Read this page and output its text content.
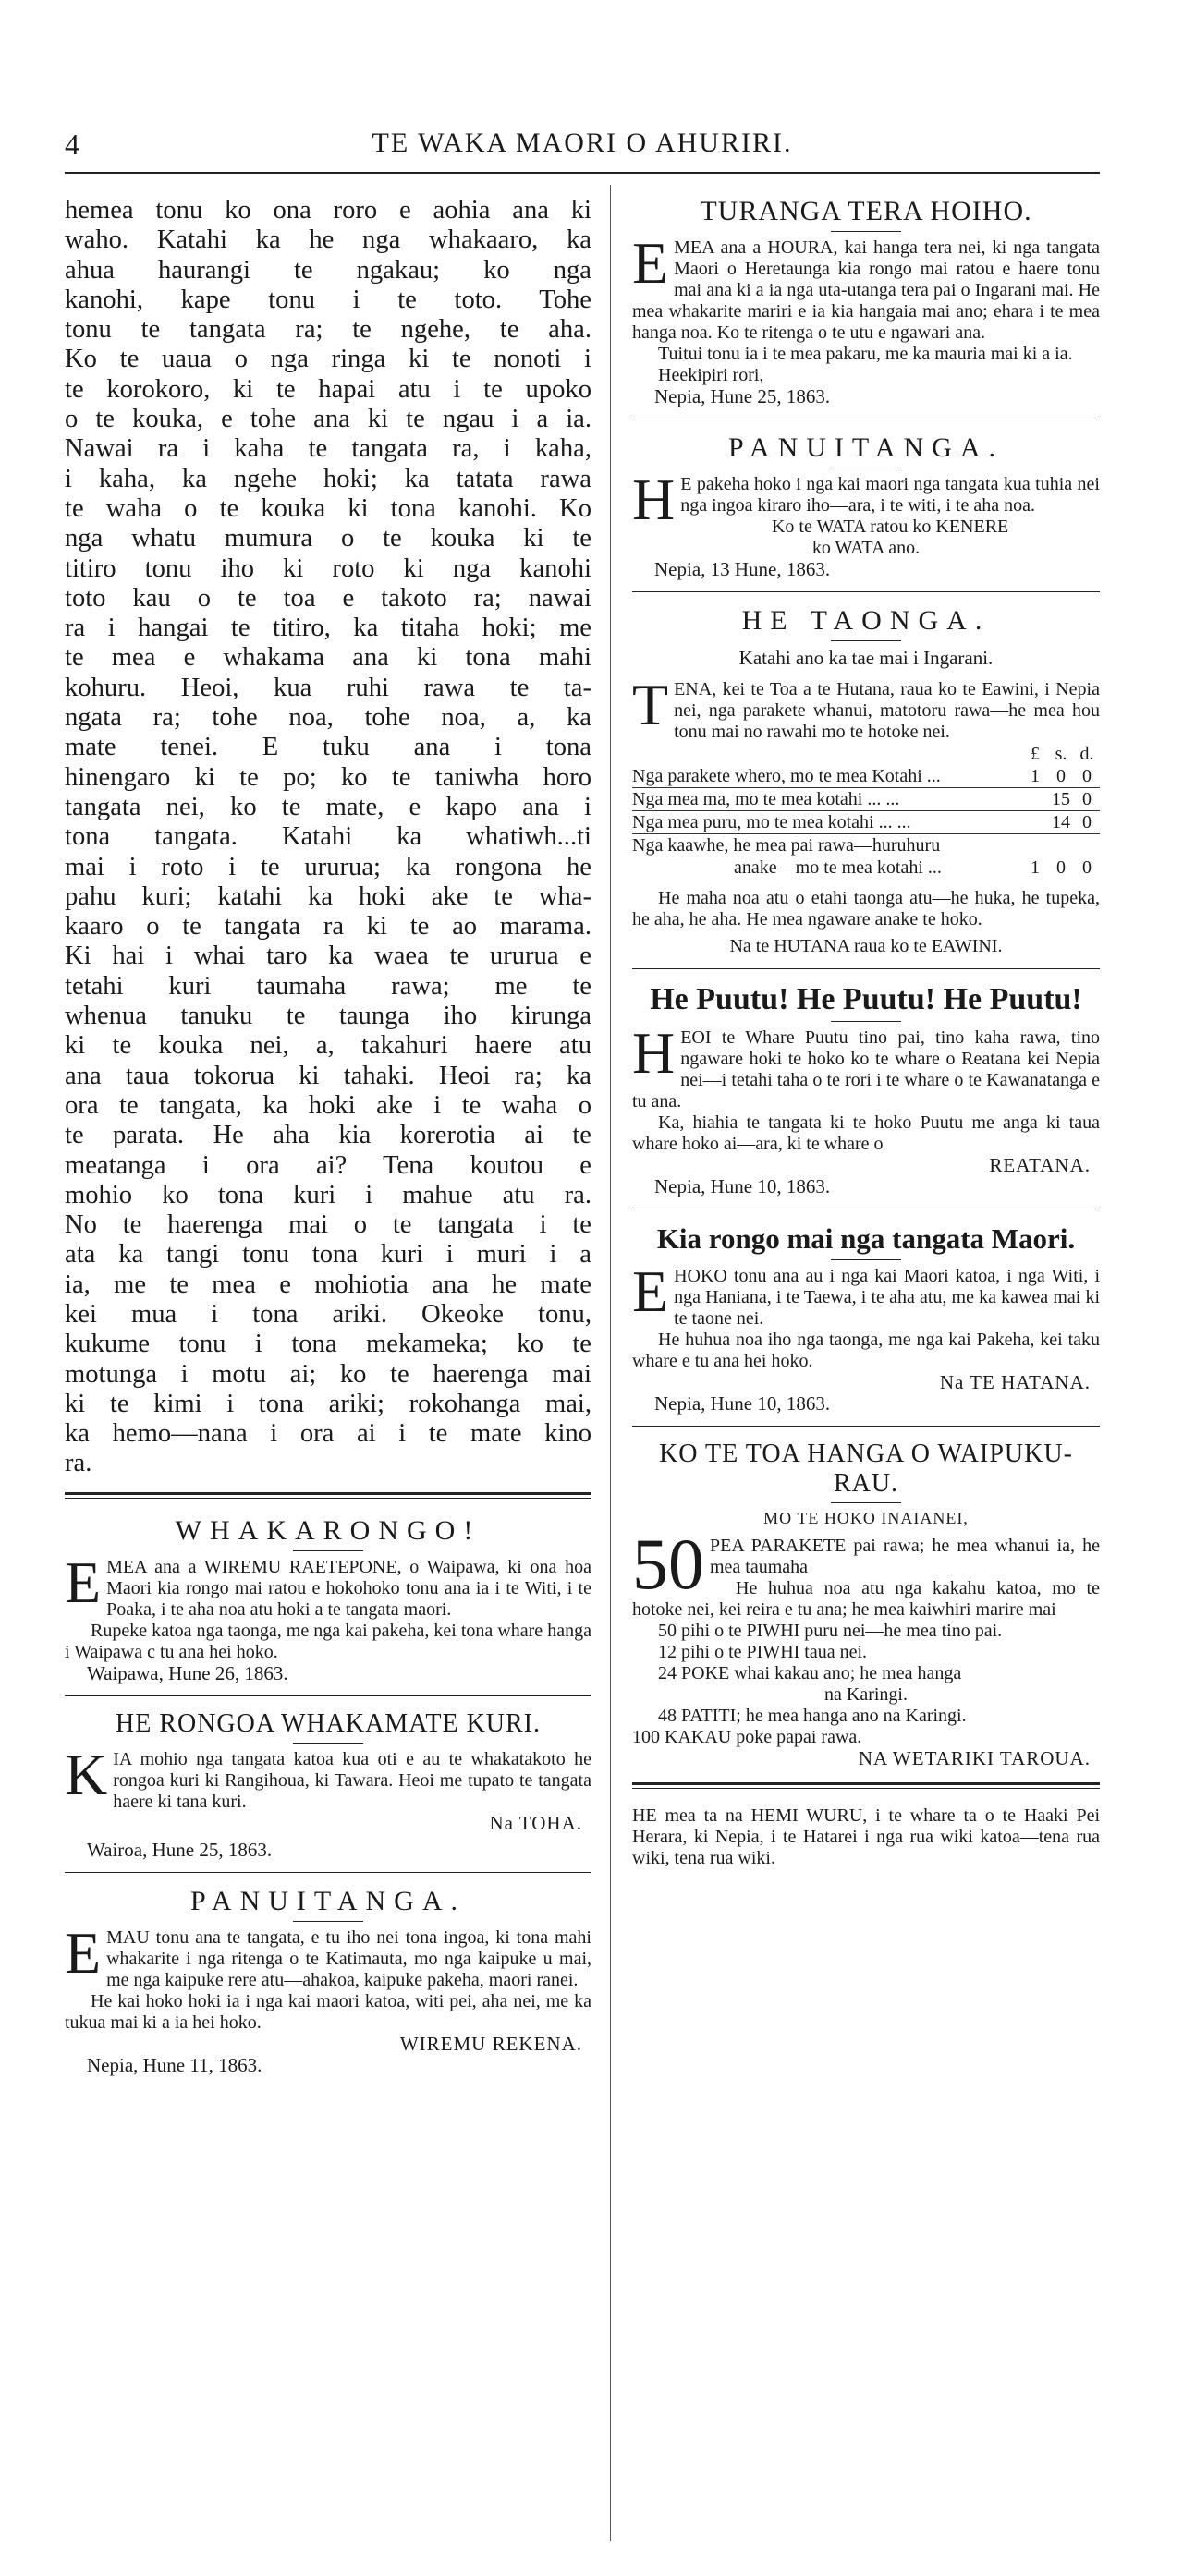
4	TE WAKA MAORI O AHURIRI.
hemea tonu ko ona roro e aohia ana ki
waho. Katahi ka he nga whakaaro, ka
ahua haurangi te ngakau; ko nga
kanohi, kape tonu i te toto. Tohe
tonu te tangata ra; te ngehe, te aha.
Ko te uaua o nga ringa ki te nonoti i
te korokoro, ki te hapai atu i te upoko
o te kouka, e tohe ana ki te ngau i a ia.
Nawai ra i kaha te tangata ra, i kaha,
i kaha, ka ngehe hoki; ka tatata rawa
te waha o te kouka ki tona kanohi. Ko
nga whatu mumura o te kouka ki te
titiro tonu iho ki roto ki nga kanohi
toto kau o te toa e takoto ra; nawai
ra i hangai te titiro, ka titaha hoki; me
te mea e whakama ana ki tona mahi
kohuru. Heoi, kua ruhi rawa te ta-
ngata ra; tohe noa, tohe noa, a, ka
mate tenei. E tuku ana i tona
hinengaro ki te po; ko te taniwha horo
tangata nei, ko te mate, e kapo ana i
tona tangata. Katahi ka whatiwh...ti
mai i roto i te ururua; ka rongona he
pahu kuri; katahi ka hoki ake te wha-
kaaro o te tangata ra ki te ao marama.
Ki hai i whai taro ka waea te ururua e
tetahi kuri taumaha rawa; me te
whenua tanuku te taunga iho kirunga
ki te kouka nei, a, takahuri haere atu
ana taua tokorua ki tahaki. Heoi ra; ka
ora te tangata, ka hoki ake i te waha o
te parata. He aha kia korerotia ai te
meatanga i ora ai? Tena koutou e
mohio ko tona kuri i mahue atu ra.
No te haerenga mai o te tangata i te
ata ka tangi tonu tona kuri i muri i a
ia, me te mea e mohiotia ana he mate
kei mua i tona ariki. Okeoke tonu,
kukume tonu i tona mekameka; ko te
motunga i motu ai; ko te haerenga mai
ki te kimi i tona ariki; rokohanga mai,
ka hemo—nana i ora ai i te mate kino
ra.

WHAKARONGO!

EMEA ana a WIREMU RAETEPONE, o Waipawa, ki ona hoa Maori kia rongo mai ratou e hokohoko tonu ana ia i te Witi, i te Poaka, i te aha noa atu hoki a te tangata maori.

Rupeke katoa nga taonga, me nga kai pakeha, kei tona whare hanga i Waipawa c tu ana hei hoko.

Waipawa, Hune 26, 1863.

HE RONGOA WHAKAMATE KURI.

KIA mohio nga tangata katoa kua oti e au te whakatakoto he rongoa kuri ki Rangihoua, ki Tawara. Heoi me tupato te tangata haere ki tana kuri.

Na TOHA.

Wairoa, Hune 25, 1863.

PANUITANGA.

EMAU tonu ana te tangata, e tu iho nei tona ingoa, ki tona mahi whakarite i nga ritenga o te Katimauta, mo nga kaipuke u mai, me nga kaipuke rere atu—ahakoa, kaipuke pakeha, maori ranei.

He kai hoko hoki ia i nga kai maori katoa, witi pei, aha nei, me ka tukua mai ki a ia hei hoko.

WIREMU REKENA.

Nepia, Hune 11, 1863.

TURANGA TERA HOIHO.

EMEA ana a HOURA, kai hanga tera nei, ki nga tangata Maori o Heretaunga kia rongo mai ratou e haere tonu mai ana ki a ia nga uta-utanga tera pai o Ingarani mai. He mea whakarite mariri e ia kia hangaia mai ano; ehara i te mea hanga noa. Ko te ritenga o te utu e ngawari ana.

Tuitui tonu ia i te mea pakaru, me ka mauria mai ki a ia.

Heekipiri rori,

Nepia, Hune 25, 1863.

PANUITANGA.

H E pakeha hoko i nga kai maori nga tangata kua tuhia nei nga ingoa kiraro iho—ara, i te witi, i te aha noa.

Ko te WATA ratou ko KENERE

ko WATA ano.

Nepia, 13 Hune, 1863.

HE TAONGA.

Katahi ano ka tae mai i Ingarani.

TENA, kei te Toa a te Hutana, raua ko te Eawini, i Nepia nei, nga parakete whanui, matotoru rawa—he mea hou tonu mai no rawahi mo te hotoke nei.

	£	s.	d.
Nga parakete whero, mo te mea Kotahi ...	1	0	0
Nga mea ma, mo te mea kotahi ... ...		15	0
Nga mea puru, mo te mea kotahi ... ...		14	0
Nga kaawhe, he mea pai rawa—huruhuru			
anake—mo te mea kotahi ...	1	0	0

He maha noa atu o etahi taonga atu—he huka, he tupeka, he aha, he aha. He mea ngaware anake te hoko.

Na te HUTANA raua ko te EAWINI.

He Puutu! He Puutu! He Puutu!

HEOI te Whare Puutu tino pai, tino kaha rawa, tino ngaware hoki te hoko ko te whare o Reatana kei Nepia nei—i tetahi taha o te rori i te whare o te Kawanatanga e tu ana.

Ka, hiahia te tangata ki te hoko Puutu me anga ki taua whare hoko ai—ara, ki te whare o

REATANA.

Nepia, Hune 10, 1863.

Kia rongo mai nga tangata Maori.

EHOKO tonu ana au i nga kai Maori katoa, i nga Witi, i nga Haniana, i te Taewa, i te aha atu, me ka kawea mai ki te taone nei.

He huhua noa iho nga taonga, me nga kai Pakeha, kei taku whare e tu ana hei hoko.

Na TE HATANA.

Nepia, Hune 10, 1863.

KO TE TOA HANGA O WAIPUKU-

RAU.

MO TE HOKO INAIANEI,

50 PEA PARAKETE pai rawa; he mea whanui ia, he mea taumaha

He huhua noa atu nga kakahu katoa, mo te hotoke nei, kei reira e tu ana; he mea kaiwhiri marire mai

50 pihi o te PIWHI puru nei—he mea tino pai.

12 pihi o te PIWHI taua nei.

24 POKE whai kakau ano; he mea hanga

na Karingi.

48 PATITI; he mea hanga ano na Karingi.

100 KAKAU poke papai rawa.

NA WETARIKI TAROUA.

HE mea ta na HEMI WURU, i te whare ta o te Haaki Pei Herara, ki Nepia, i te Hatarei i nga rua wiki katoa—tena rua wiki, tena rua wiki.
